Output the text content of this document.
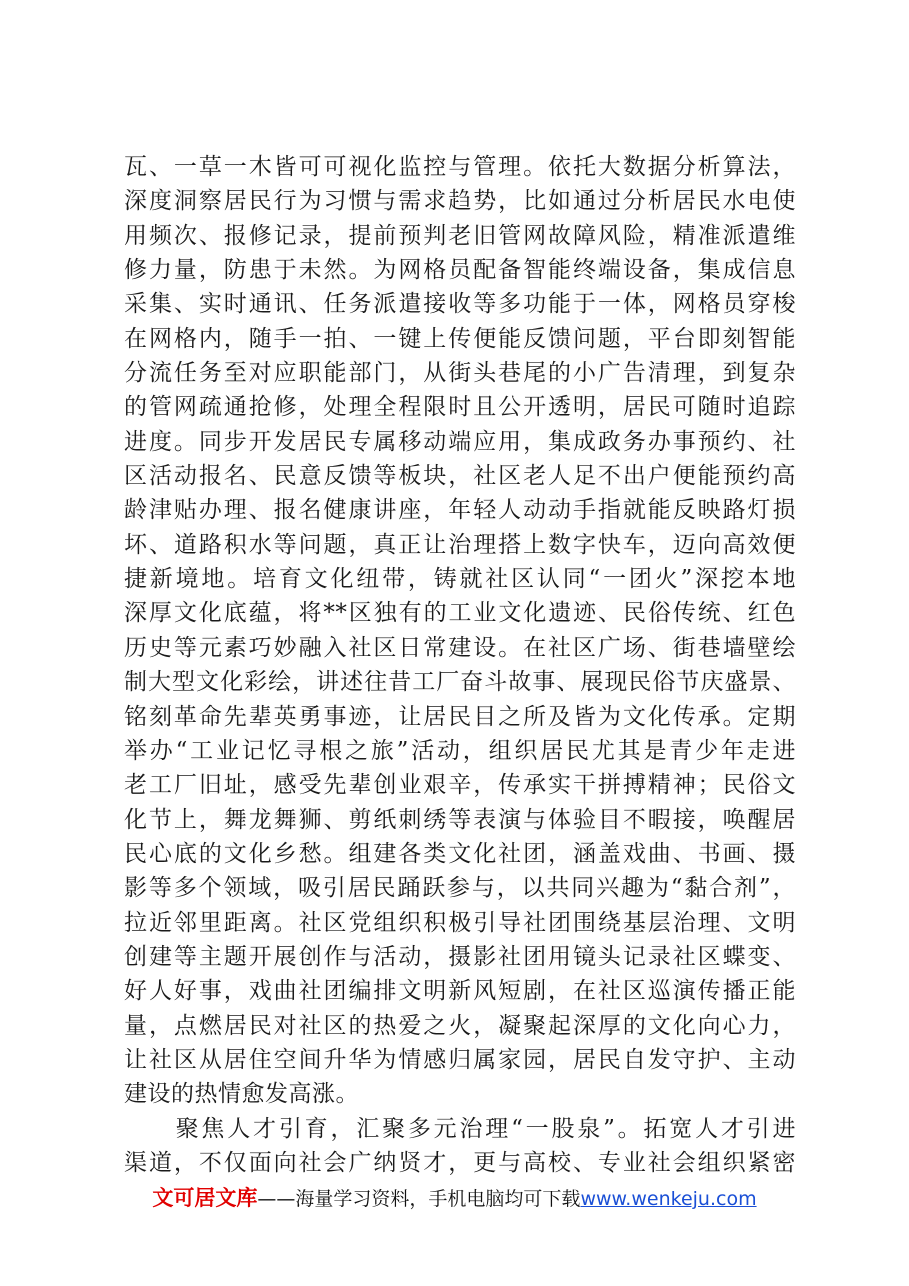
瓦、一草一木皆可可视化监控与管理。依托大数据分析算法，
深度洞察居民行为习惯与需求趋势，比如通过分析居民水电使
用频次、报修记录，提前预判老旧管网故障风险，精准派遣维
修力量，防患于未然。为网格员配备智能终端设备，集成信息
采集、实时通讯、任务派遣接收等多功能于一体，网格员穿梭
在网格内，随手一拍、一键上传便能反馈问题，平台即刻智能
分流任务至对应职能部门，从街头巷尾的小广告清理，到复杂
的管网疏通抢修，处理全程限时且公开透明，居民可随时追踪
进度。同步开发居民专属移动端应用，集成政务办事预约、社
区活动报名、民意反馈等板块，社区老人足不出户便能预约高
龄津贴办理、报名健康讲座，年轻人动动手指就能反映路灯损
坏、道路积水等问题，真正让治理搭上数字快车，迈向高效便
捷新境地。培育文化纽带，铸就社区认同“一团火”深挖本地
深厚文化底蕴，将**区独有的工业文化遗迹、民俗传统、红色
历史等元素巧妙融入社区日常建设。在社区广场、街巷墙壁绘
制大型文化彩绘，讲述往昔工厂奋斗故事、展现民俗节庆盛景、
铭刻革命先辈英勇事迹，让居民目之所及皆为文化传承。定期
举办“工业记忆寻根之旅”活动，组织居民尤其是青少年走进
老工厂旧址，感受先辈创业艰辛，传承实干拼搏精神；民俗文
化节上，舞龙舞狮、剪纸刺绣等表演与体验目不暇接，唤醒居
民心底的文化乡愁。组建各类文化社团，涵盖戏曲、书画、摄
影等多个领域，吸引居民踊跃参与，以共同兴趣为“黏合剂”，
拉近邻里距离。社区党组织积极引导社团围绕基层治理、文明
创建等主题开展创作与活动，摄影社团用镜头记录社区蝶变、
好人好事，戏曲社团编排文明新风短剧，在社区巡演传播正能
量，点燃居民对社区的热爱之火，凝聚起深厚的文化向心力，
让社区从居住空间升华为情感归属家园，居民自发守护、主动
建设的热情愈发高涨。
　　聚焦人才引育，汇聚多元治理“一股泉”。拓宽人才引进
渠道，不仅面向社会广纳贤才，更与高校、专业社会组织紧密
文可居文库——海量学习资料，手机电脑均可下载www.wenkeju.com
